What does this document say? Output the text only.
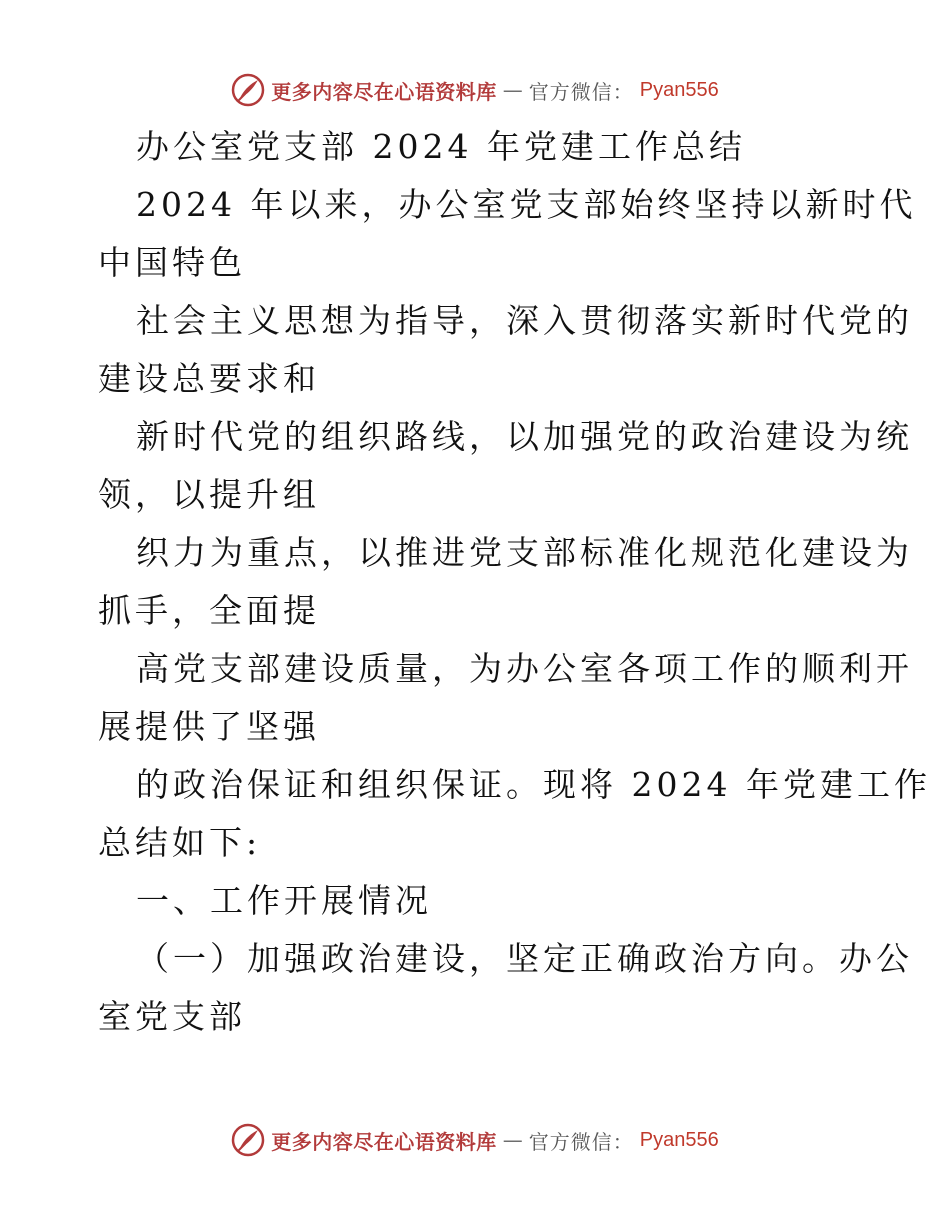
更多内容尽在心语资料库 — 官方微信： Pyan556
办公室党支部 2024 年党建工作总结
2024 年以来，办公室党支部始终坚持以新时代
中国特色
社会主义思想为指导，深入贯彻落实新时代党的
建设总要求和
新时代党的组织路线，以加强党的政治建设为统
领，以提升组
织力为重点，以推进党支部标准化规范化建设为
抓手，全面提
高党支部建设质量，为办公室各项工作的顺利开
展提供了坚强
的政治保证和组织保证。现将 2024 年党建工作
总结如下:
一、工作开展情况
（一）加强政治建设，坚定正确政治方向。办公
室党支部
更多内容尽在心语资料库 — 官方微信： Pyan556
